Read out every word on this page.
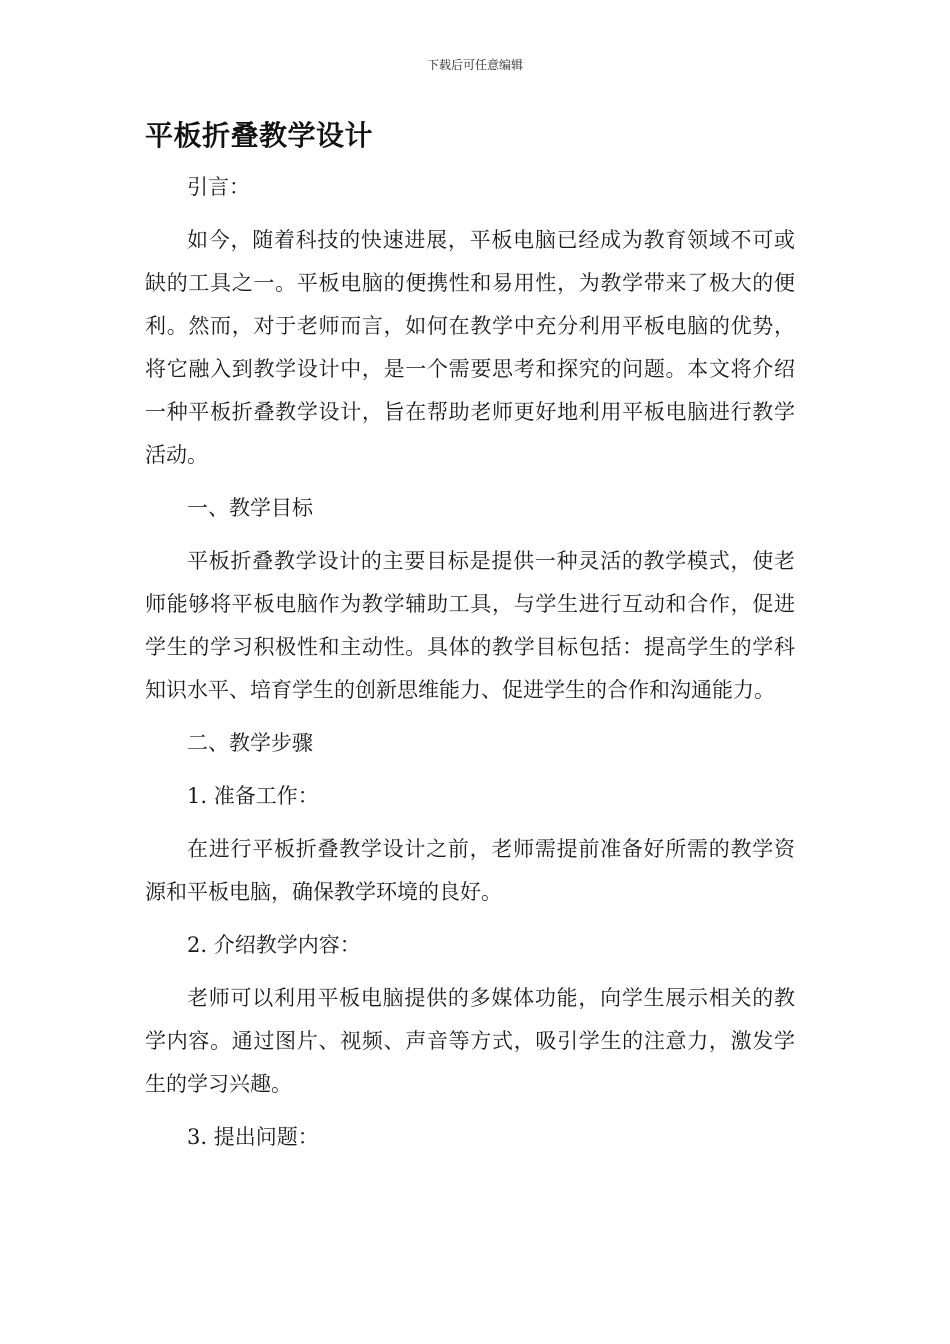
下载后可任意编辑
平板折叠教学设计

引言：

如今，随着科技的快速进展，平板电脑已经成为教育领域不可或缺的工具之一。平板电脑的便携性和易用性，为教学带来了极大的便利。然而，对于老师而言，如何在教学中充分利用平板电脑的优势，将它融入到教学设计中，是一个需要思考和探究的问题。本文将介绍一种平板折叠教学设计，旨在帮助老师更好地利用平板电脑进行教学活动。

一、教学目标

平板折叠教学设计的主要目标是提供一种灵活的教学模式，使老师能够将平板电脑作为教学辅助工具，与学生进行互动和合作，促进学生的学习积极性和主动性。具体的教学目标包括：提高学生的学科知识水平、培育学生的创新思维能力、促进学生的合作和沟通能力。

二、教学步骤

1. 准备工作：

在进行平板折叠教学设计之前，老师需提前准备好所需的教学资源和平板电脑，确保教学环境的良好。

2. 介绍教学内容：

老师可以利用平板电脑提供的多媒体功能，向学生展示相关的教学内容。通过图片、视频、声音等方式，吸引学生的注意力，激发学生的学习兴趣。

3. 提出问题：
